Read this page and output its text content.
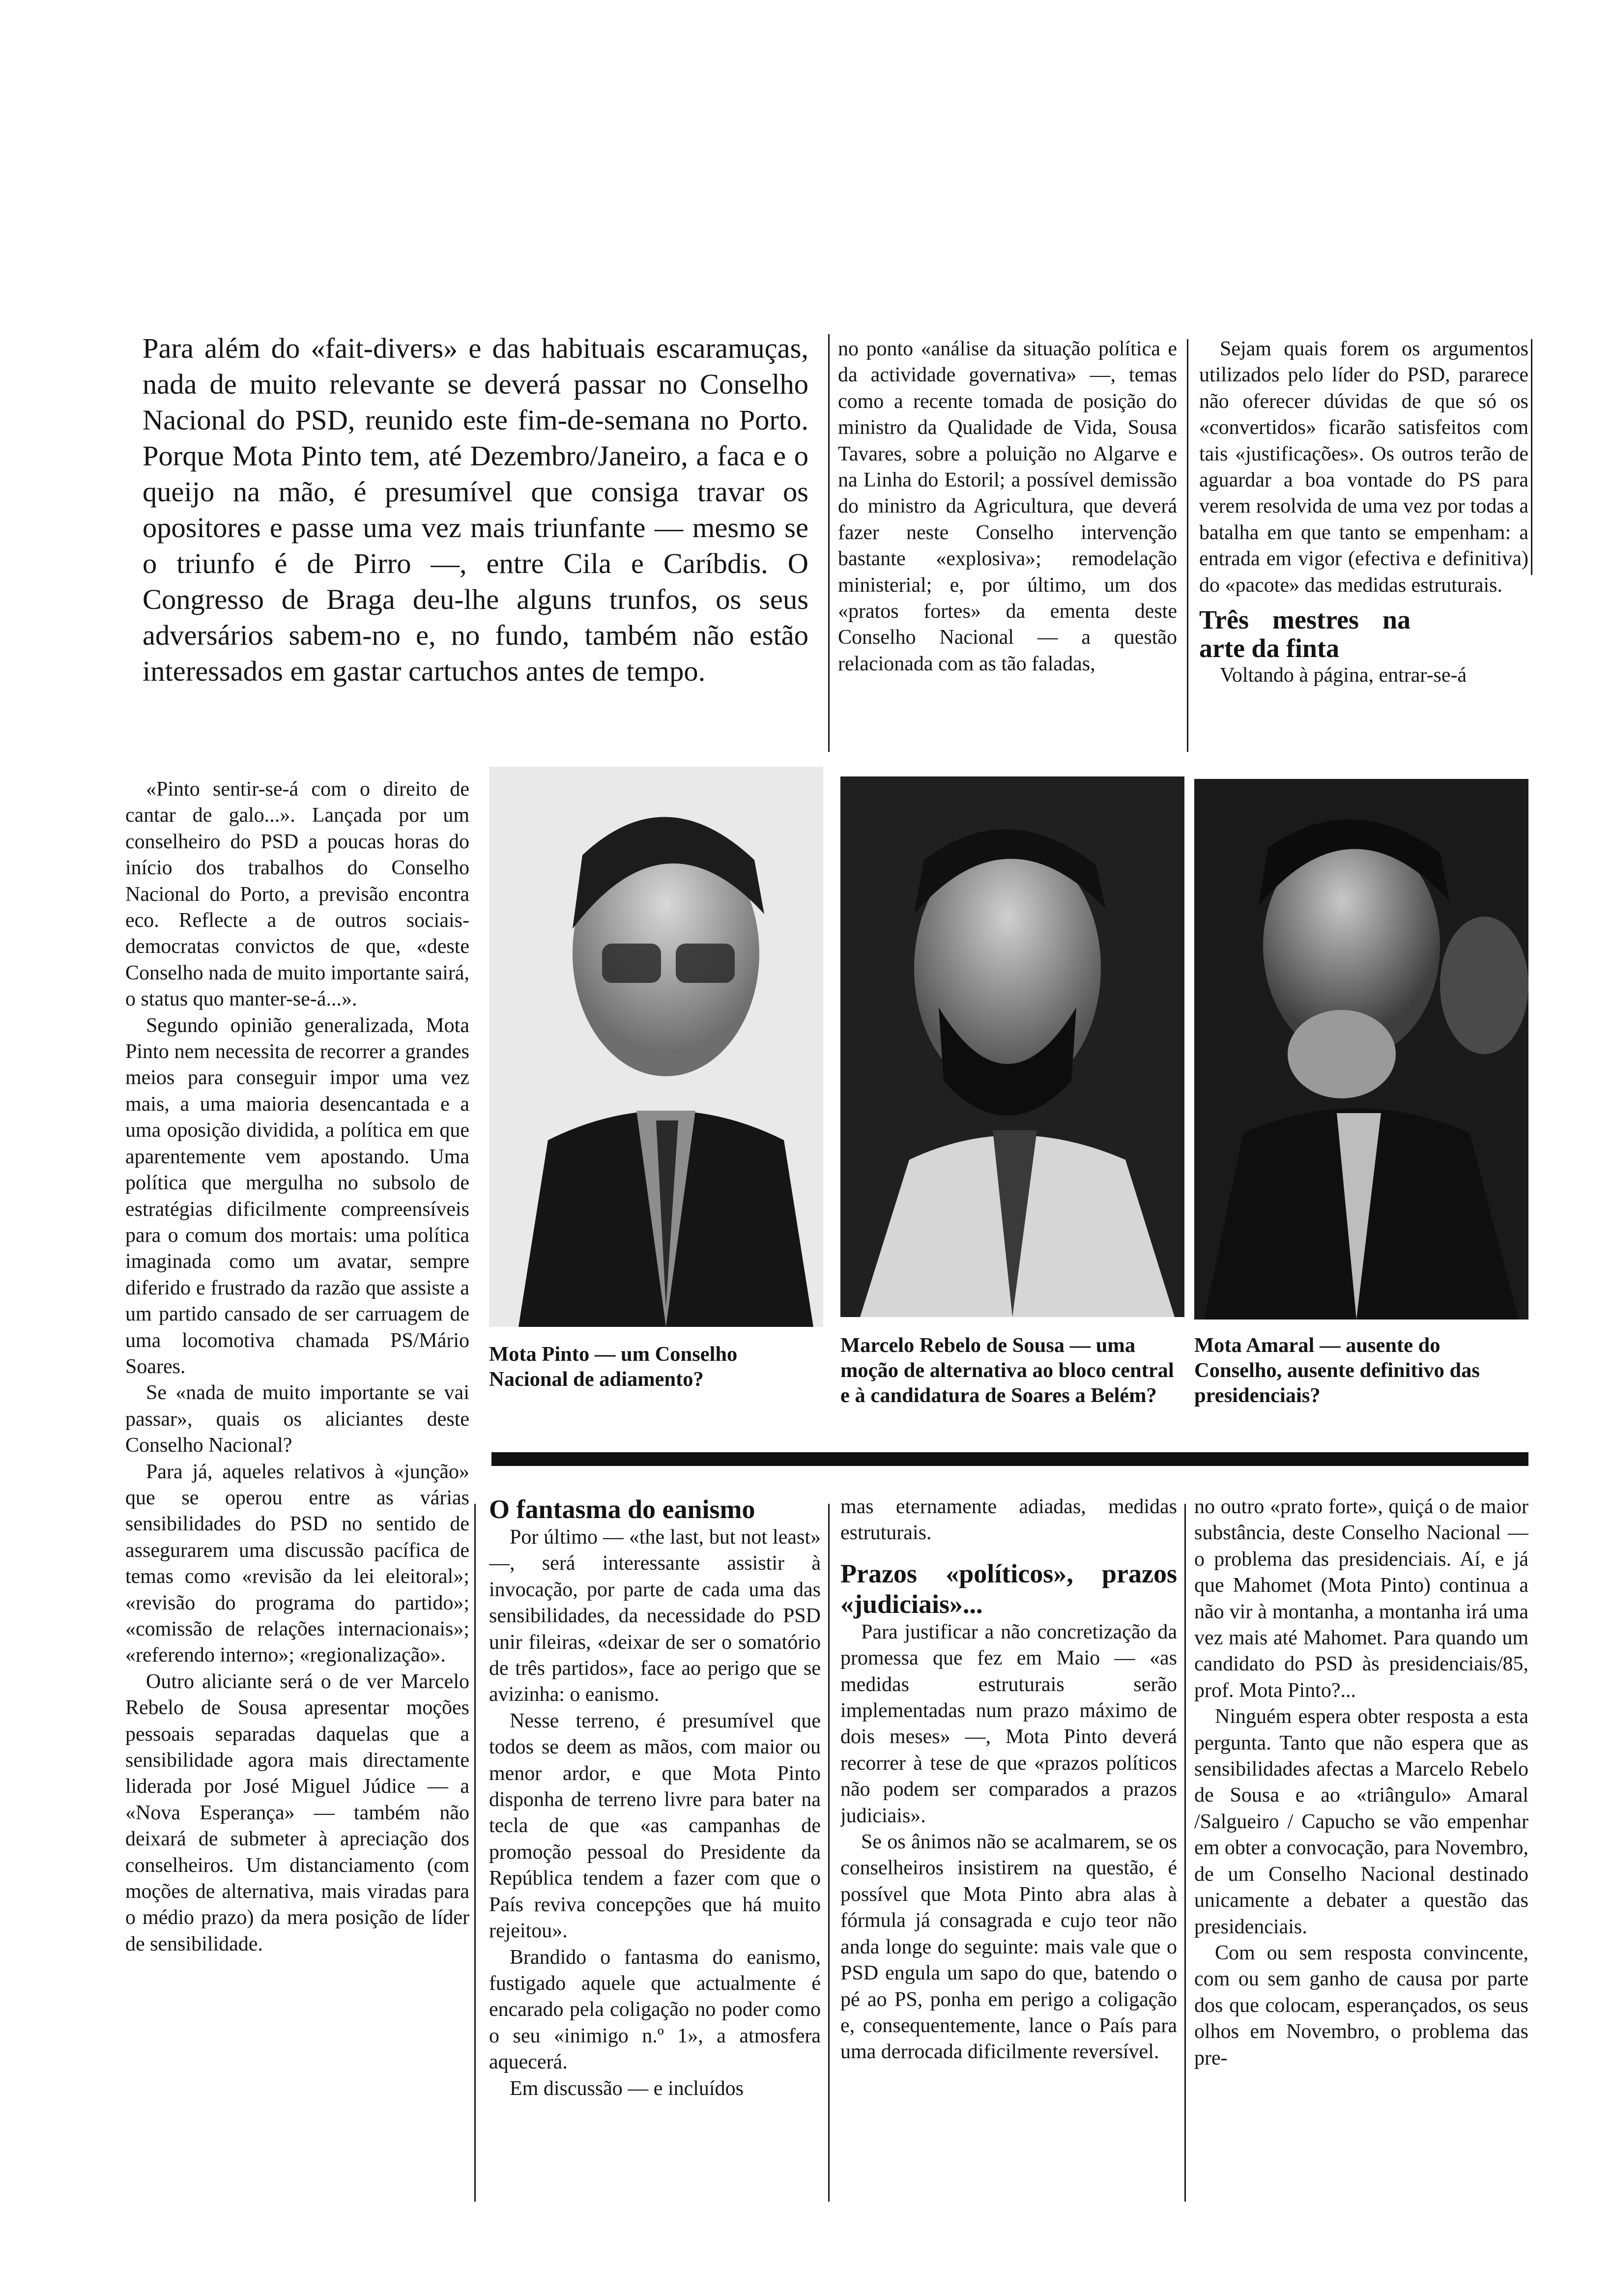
Para além do «fait-divers» e das habituais escaramuças, nada de muito relevante se deverá passar no Conselho Nacional do PSD, reunido este fim-de-semana no Porto. Porque Mota Pinto tem, até Dezembro/Janeiro, a faca e o queijo na mão, é presumível que consiga travar os opositores e passe uma vez mais triunfante — mesmo se o triunfo é de Pirro —, entre Cila e Caríbdis. O Congresso de Braga deu-lhe alguns trunfos, os seus adversários sabem-no e, no fundo, também não estão interessados em gastar cartuchos antes de tempo.

no ponto «análise da situação política e da actividade governativa» —, temas como a recente tomada de posição do ministro da Qualidade de Vida, Sousa Tavares, sobre a poluição no Algarve e na Linha do Estoril; a possível demissão do ministro da Agricultura, que deverá fazer neste Conselho intervenção bastante «explosiva»; remodelação ministerial; e, por último, um dos «pratos fortes» da ementa deste Conselho Nacional — a questão relacionada com as tão faladas,

Sejam quais forem os argumentos utilizados pelo líder do PSD, pararece não oferecer dúvidas de que só os «convertidos» ficarão satisfeitos com tais «justificações». Os outros terão de aguardar a boa vontade do PS para verem resolvida de uma vez por todas a batalha em que tanto se empenham: a entrada em vigor (efectiva e definitiva) do «pacote» das medidas estruturais.

Três mestres na arte da finta

Voltando à página, entrar-se-á

«Pinto sentir-se-á com o direito de cantar de galo...». Lançada por um conselheiro do PSD a poucas horas do início dos trabalhos do Conselho Nacional do Porto, a previsão encontra eco. Reflecte a de outros sociais-democratas convictos de que, «deste Conselho nada de muito importante sairá, o status quo manter-se-á...».

Segundo opinião generalizada, Mota Pinto nem necessita de recorrer a grandes meios para conseguir impor uma vez mais, a uma maioria desencantada e a uma oposição dividida, a política em que aparentemente vem apostando. Uma política que mergulha no subsolo de estratégias dificilmente compreensíveis para o comum dos mortais: uma política imaginada como um avatar, sempre diferido e frustrado da razão que assiste a um partido cansado de ser carruagem de uma locomotiva chamada PS/Mário Soares.

Se «nada de muito importante se vai passar», quais os aliciantes deste Conselho Nacional?

Para já, aqueles relativos à «junção» que se operou entre as várias sensibilidades do PSD no sentido de assegurarem uma discussão pacífica de temas como «revisão da lei eleitoral»; «revisão do programa do partido»; «comissão de relações internacionais»; «referendo interno»; «regionalização».

Outro aliciante será o de ver Marcelo Rebelo de Sousa apresentar moções pessoais separadas daquelas que a sensibilidade agora mais directamente liderada por José Miguel Júdice — a «Nova Esperança» — também não deixará de submeter à apreciação dos conselheiros. Um distanciamento (com moções de alternativa, mais viradas para o médio prazo) da mera posição de líder de sensibilidade.

Mota Pinto — um Conselho Nacional de adiamento?
Marcelo Rebelo de Sousa — uma moção de alternativa ao bloco central e à candidatura de Soares a Belém?
Mota Amaral — ausente do Conselho, ausente definitivo das presidenciais?
O fantasma do eanismo

Por último — «the last, but not least» —, será interessante assistir à invocação, por parte de cada uma das sensibilidades, da necessidade do PSD unir fileiras, «deixar de ser o somatório de três partidos», face ao perigo que se avizinha: o eanismo.

Nesse terreno, é presumível que todos se deem as mãos, com maior ou menor ardor, e que Mota Pinto disponha de terreno livre para bater na tecla de que «as campanhas de promoção pessoal do Presidente da República tendem a fazer com que o País reviva concepções que há muito rejeitou».

Brandido o fantasma do eanismo, fustigado aquele que actualmente é encarado pela coligação no poder como o seu «inimigo n.º 1», a atmosfera aquecerá.

Em discussão — e incluídos

mas eternamente adiadas, medidas estruturais.

Prazos «políticos», prazos «judiciais»...

Para justificar a não concretização da promessa que fez em Maio — «as medidas estruturais serão implementadas num prazo máximo de dois meses» —, Mota Pinto deverá recorrer à tese de que «prazos políticos não podem ser comparados a prazos judiciais».

Se os ânimos não se acalmarem, se os conselheiros insistirem na questão, é possível que Mota Pinto abra alas à fórmula já consagrada e cujo teor não anda longe do seguinte: mais vale que o PSD engula um sapo do que, batendo o pé ao PS, ponha em perigo a coligação e, consequentemente, lance o País para uma derrocada dificilmente reversível.

no outro «prato forte», quiçá o de maior substância, deste Conselho Nacional — o problema das presidenciais. Aí, e já que Mahomet (Mota Pinto) continua a não vir à montanha, a montanha irá uma vez mais até Mahomet. Para quando um candidato do PSD às presidenciais/85, prof. Mota Pinto?...

Ninguém espera obter resposta a esta pergunta. Tanto que não espera que as sensibilidades afectas a Marcelo Rebelo de Sousa e ao «triângulo» Amaral /Salgueiro / Capucho se vão empenhar em obter a convocação, para Novembro, de um Conselho Nacional destinado unicamente a debater a questão das presidenciais.

Com ou sem resposta convincente, com ou sem ganho de causa por parte dos que colocam, esperançados, os seus olhos em Novembro, o problema das pre-
